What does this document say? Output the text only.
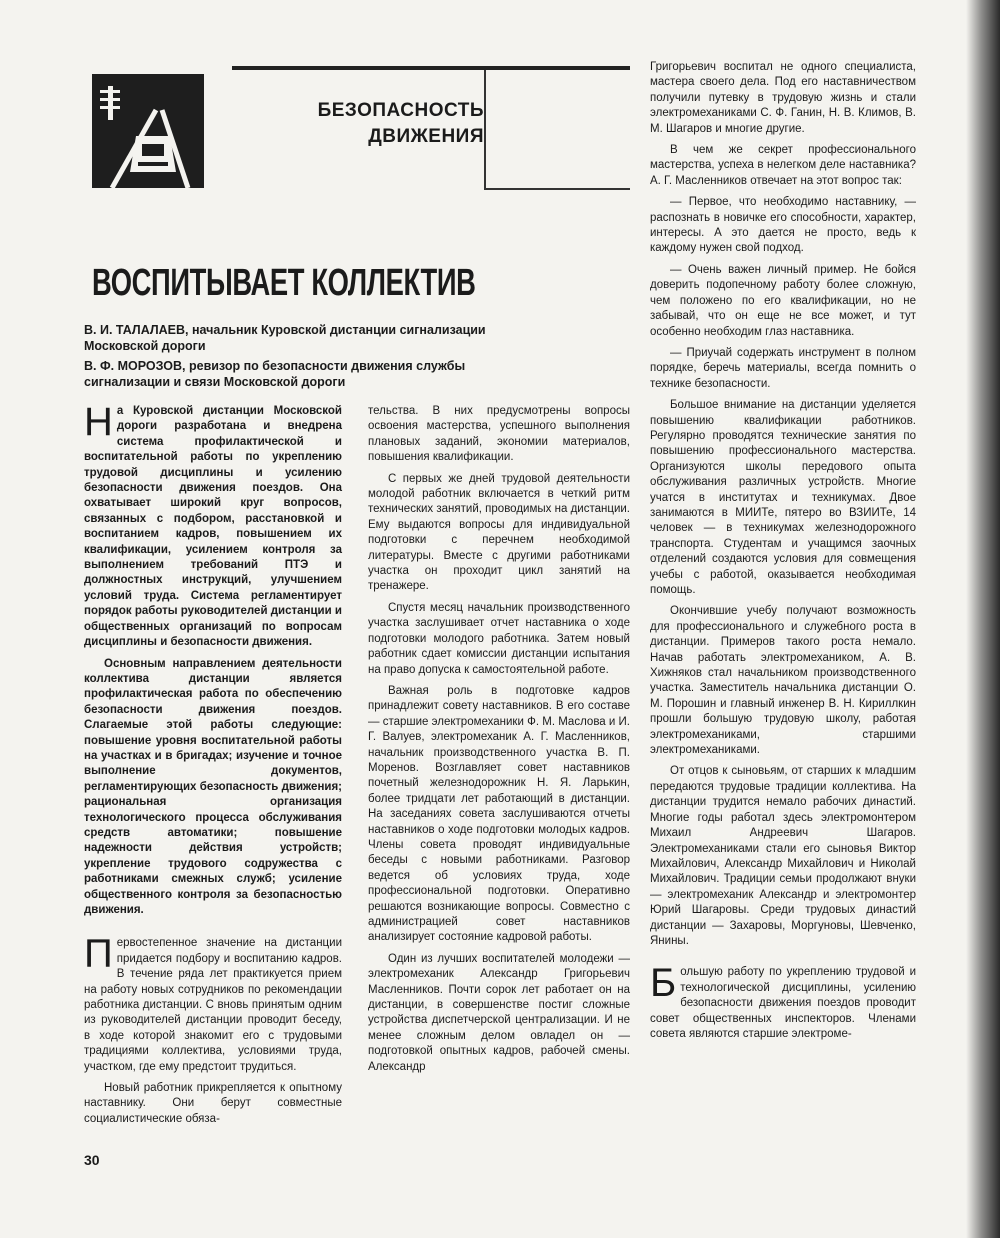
БЕЗОПАСНОСТЬ
ДВИЖЕНИЯ
ВОСПИТЫВАЕТ КОЛЛЕКТИВ

В. И. ТАЛАЛАЕВ, начальник Куровской дистанции сигнализации Московской дороги

В. Ф. МОРОЗОВ, ревизор по безопасности движения службы сигнализации и связи Московской дороги

На Куровской дистанции Московской дороги разработана и внедрена система профилактической и воспитательной работы по укреплению трудовой дисциплины и усилению безопасности движения поездов. Она охватывает широкий круг вопросов, связанных с подбором, расстановкой и воспитанием кадров, повышением их квалификации, усилением контроля за выполнением требований ПТЭ и должностных инструкций, улучшением условий труда. Система регламентирует порядок работы руководителей дистанции и общественных организаций по вопросам дисциплины и безопасности движения.

Основным направлением деятельности коллектива дистанции является профилактическая работа по обеспечению безопасности движения поездов. Слагаемые этой работы следующие: повышение уровня воспитательной работы на участках и в бригадах; изучение и точное выполнение документов, регламентирующих безопасность движения; рациональная организация технологического процесса обслуживания средств автоматики; повышение надежности действия устройств; укрепление трудового содружества с работниками смежных служб; усиление общественного контроля за безопасностью движения.

Первостепенное значение на дистанции придается подбору и воспитанию кадров. В течение ряда лет практикуется прием на работу новых сотрудников по рекомендации работника дистанции. С вновь принятым одним из руководителей дистанции проводит беседу, в ходе которой знакомит его с трудовыми традициями коллектива, условиями труда, участком, где ему предстоит трудиться.

Новый работник прикрепляется к опытному наставнику. Они берут совместные социалистические обяза-

тельства. В них предусмотрены вопросы освоения мастерства, успешного выполнения плановых заданий, экономии материалов, повышения квалификации.

С первых же дней трудовой деятельности молодой работник включается в четкий ритм технических занятий, проводимых на дистанции. Ему выдаются вопросы для индивидуальной подготовки с перечнем необходимой литературы. Вместе с другими работниками участка он проходит цикл занятий на тренажере.

Спустя месяц начальник производственного участка заслушивает отчет наставника о ходе подготовки молодого работника. Затем новый работник сдает комиссии дистанции испытания на право допуска к самостоятельной работе.

Важная роль в подготовке кадров принадлежит совету наставников. В его составе — старшие электромеханики Ф. М. Маслова и И. Г. Валуев, электромеханик А. Г. Масленников, начальник производственного участка В. П. Моренов. Возглавляет совет наставников почетный железнодорожник Н. Я. Ларькин, более тридцати лет работающий в дистанции. На заседаниях совета заслушиваются отчеты наставников о ходе подготовки молодых кадров. Члены совета проводят индивидуальные беседы с новыми работниками. Разговор ведется об условиях труда, ходе профессиональной подготовки. Оперативно решаются возникающие вопросы. Совместно с администрацией совет наставников анализирует состояние кадровой работы.

Один из лучших воспитателей молодежи — электромеханик Александр Григорьевич Масленников. Почти сорок лет работает он на дистанции, в совершенстве постиг сложные устройства диспетчерской централизации. И не менее сложным делом овладел он — подготовкой опытных кадров, рабочей смены. Александр

Григорьевич воспитал не одного специалиста, мастера своего дела. Под его наставничеством получили путевку в трудовую жизнь и стали электромеханиками С. Ф. Ганин, Н. В. Климов, В. М. Шагаров и многие другие.

В чем же секрет профессионального мастерства, успеха в нелегком деле наставника? А. Г. Масленников отвечает на этот вопрос так:

— Первое, что необходимо наставнику, — распознать в новичке его способности, характер, интересы. А это дается не просто, ведь к каждому нужен свой подход.

— Очень важен личный пример. Не бойся доверить подопечному работу более сложную, чем положено по его квалификации, но не забывай, что он еще не все может, и тут особенно необходим глаз наставника.

— Приучай содержать инструмент в полном порядке, беречь материалы, всегда помнить о технике безопасности.

Большое внимание на дистанции уделяется повышению квалификации работников. Регулярно проводятся технические занятия по повышению профессионального мастерства. Организуются школы передового опыта обслуживания различных устройств. Многие учатся в институтах и техникумах. Двое занимаются в МИИТе, пятеро во ВЗИИТе, 14 человек — в техникумах железнодорожного транспорта. Студентам и учащимся заочных отделений создаются условия для совмещения учебы с работой, оказывается необходимая помощь.

Окончившие учебу получают возможность для профессионального и служебного роста в дистанции. Примеров такого роста немало. Начав работать электромехаником, А. В. Хижняков стал начальником производственного участка. Заместитель начальника дистанции О. М. Порошин и главный инженер В. Н. Кириллкин прошли большую трудовую школу, работая электромеханиками, старшими электромеханиками.

От отцов к сыновьям, от старших к младшим передаются трудовые традиции коллектива. На дистанции трудится немало рабочих династий. Многие годы работал здесь электромонтером Михаил Андреевич Шагаров. Электромеханиками стали его сыновья Виктор Михайлович, Александр Михайлович и Николай Михайлович. Традиции семьи продолжают внуки — электромеханик Александр и электромонтер Юрий Шагаровы. Среди трудовых династий дистанции — Захаровы, Моргуновы, Шевченко, Янины.

Большую работу по укреплению трудовой и технологической дисциплины, усилению безопасности движения поездов проводит совет общественных инспекторов. Членами совета являются старшие электроме-

30
